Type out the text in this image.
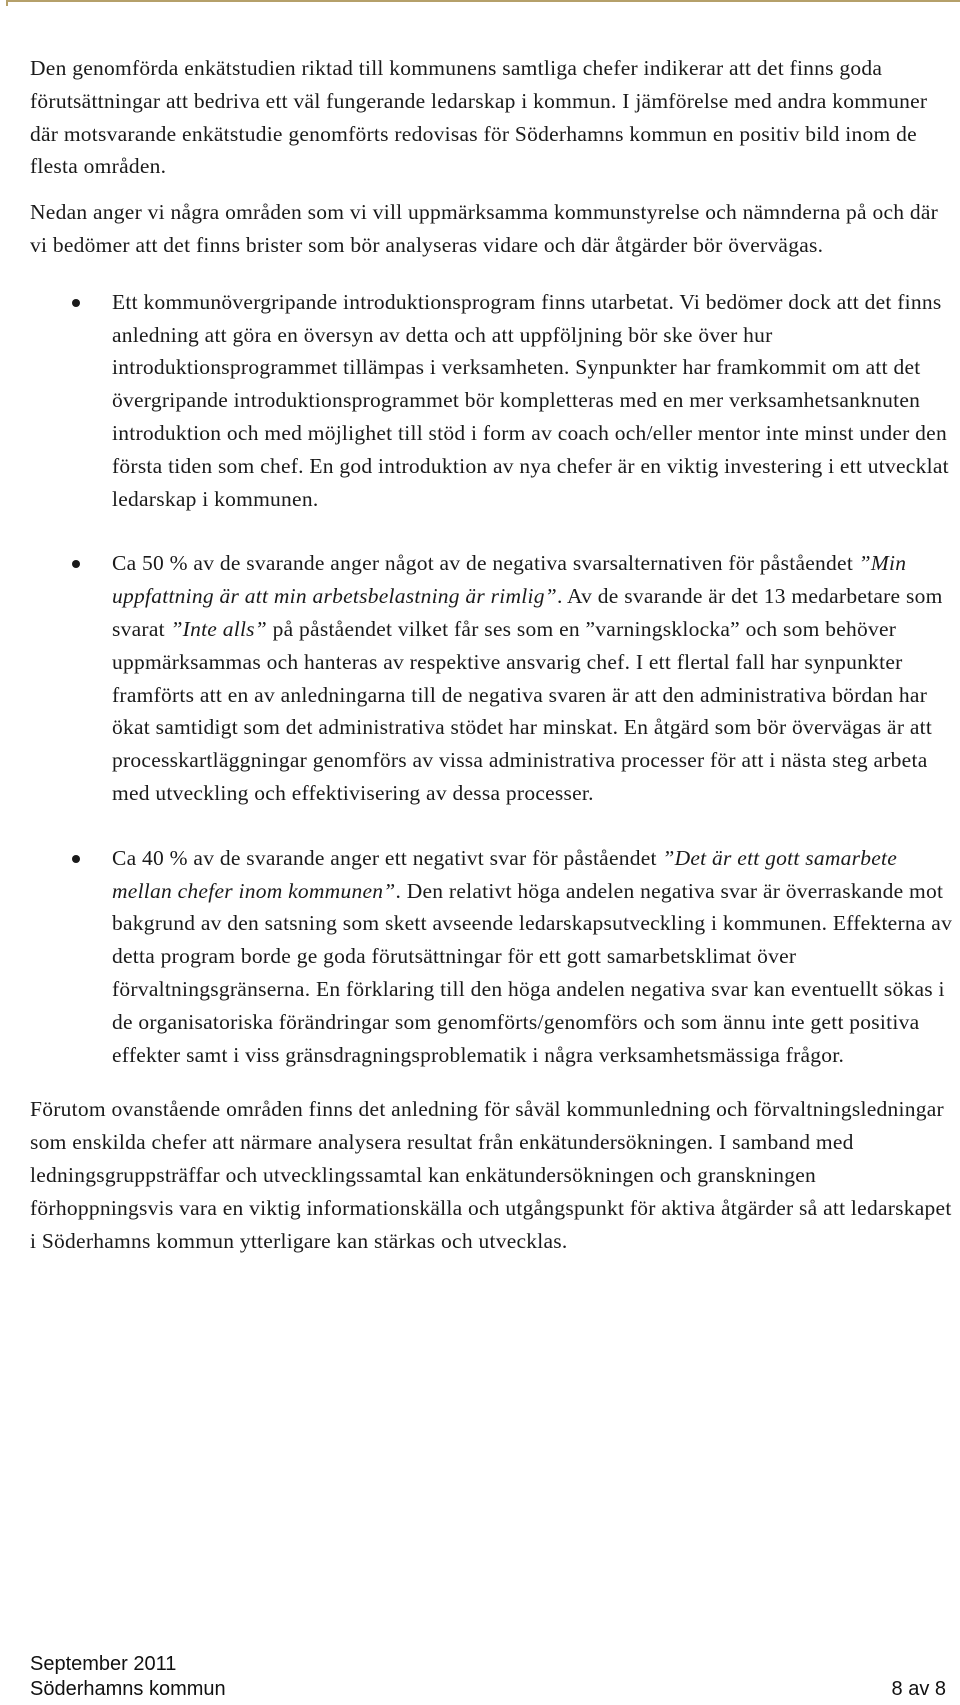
Den genomförda enkätstudien riktad till kommunens samtliga chefer indikerar att det finns goda förutsättningar att bedriva ett väl fungerande ledarskap i kommun. I jämförelse med andra kommuner där motsvarande enkätstudie genomförts redovisas för Söderhamns kommun en positiv bild inom de flesta områden.

Nedan anger vi några områden som vi vill uppmärksamma kommunstyrelse och nämnderna på och där vi bedömer att det finns brister som bör analyseras vidare och där åtgärder bör övervägas.

Ett kommunövergripande introduktionsprogram finns utarbetat. Vi bedömer dock att det finns anledning att göra en översyn av detta och att uppföljning bör ske över hur introduktionsprogrammet tillämpas i verksamheten. Synpunkter har framkommit om att det övergripande introduktionsprogrammet bör kompletteras med en mer verksamhetsanknuten introduktion och med möjlighet till stöd i form av coach och/eller mentor inte minst under den första tiden som chef. En god introduktion av nya chefer är en viktig investering i ett utvecklat ledarskap i kommunen.
Ca 50 % av de svarande anger något av de negativa svarsalternativen för påståendet ”Min uppfattning är att min arbetsbelastning är rimlig”. Av de svarande är det 13 medarbetare som svarat ”Inte alls” på påståendet vilket får ses som en ”varningsklocka” och som behöver uppmärksammas och hanteras av respektive ansvarig chef. I ett flertal fall har synpunkter framförts att en av anledningarna till de negativa svaren är att den administrativa bördan har ökat samtidigt som det administrativa stödet har minskat. En åtgärd som bör övervägas är att processkartläggningar genomförs av vissa administrativa processer för att i nästa steg arbeta med utveckling och effektivisering av dessa processer.
Ca 40 % av de svarande anger ett negativt svar för påståendet ”Det är ett gott samarbete mellan chefer inom kommunen”. Den relativt höga andelen negativa svar är överraskande mot bakgrund av den satsning som skett avseende ledarskapsutveckling i kommunen. Effekterna av detta program borde ge goda förutsättningar för ett gott samarbetsklimat över förvaltningsgränserna. En förklaring till den höga andelen negativa svar kan eventuellt sökas i de organisatoriska förändringar som genomförts/genomförs och som ännu inte gett positiva effekter samt i viss gränsdragningsproblematik i några verksamhetsmässiga frågor.

Förutom ovanstående områden finns det anledning för såväl kommunledning och förvaltningsledningar som enskilda chefer att närmare analysera resultat från enkätundersökningen. I samband med ledningsgruppsträffar och utvecklingssamtal kan enkätundersökningen och granskningen förhoppningsvis vara en viktig informationskälla och utgångspunkt för aktiva åtgärder så att ledarskapet i Söderhamns kommun ytterligare kan stärkas och utvecklas.

September 2011
Söderhamns kommun	8 av 8
